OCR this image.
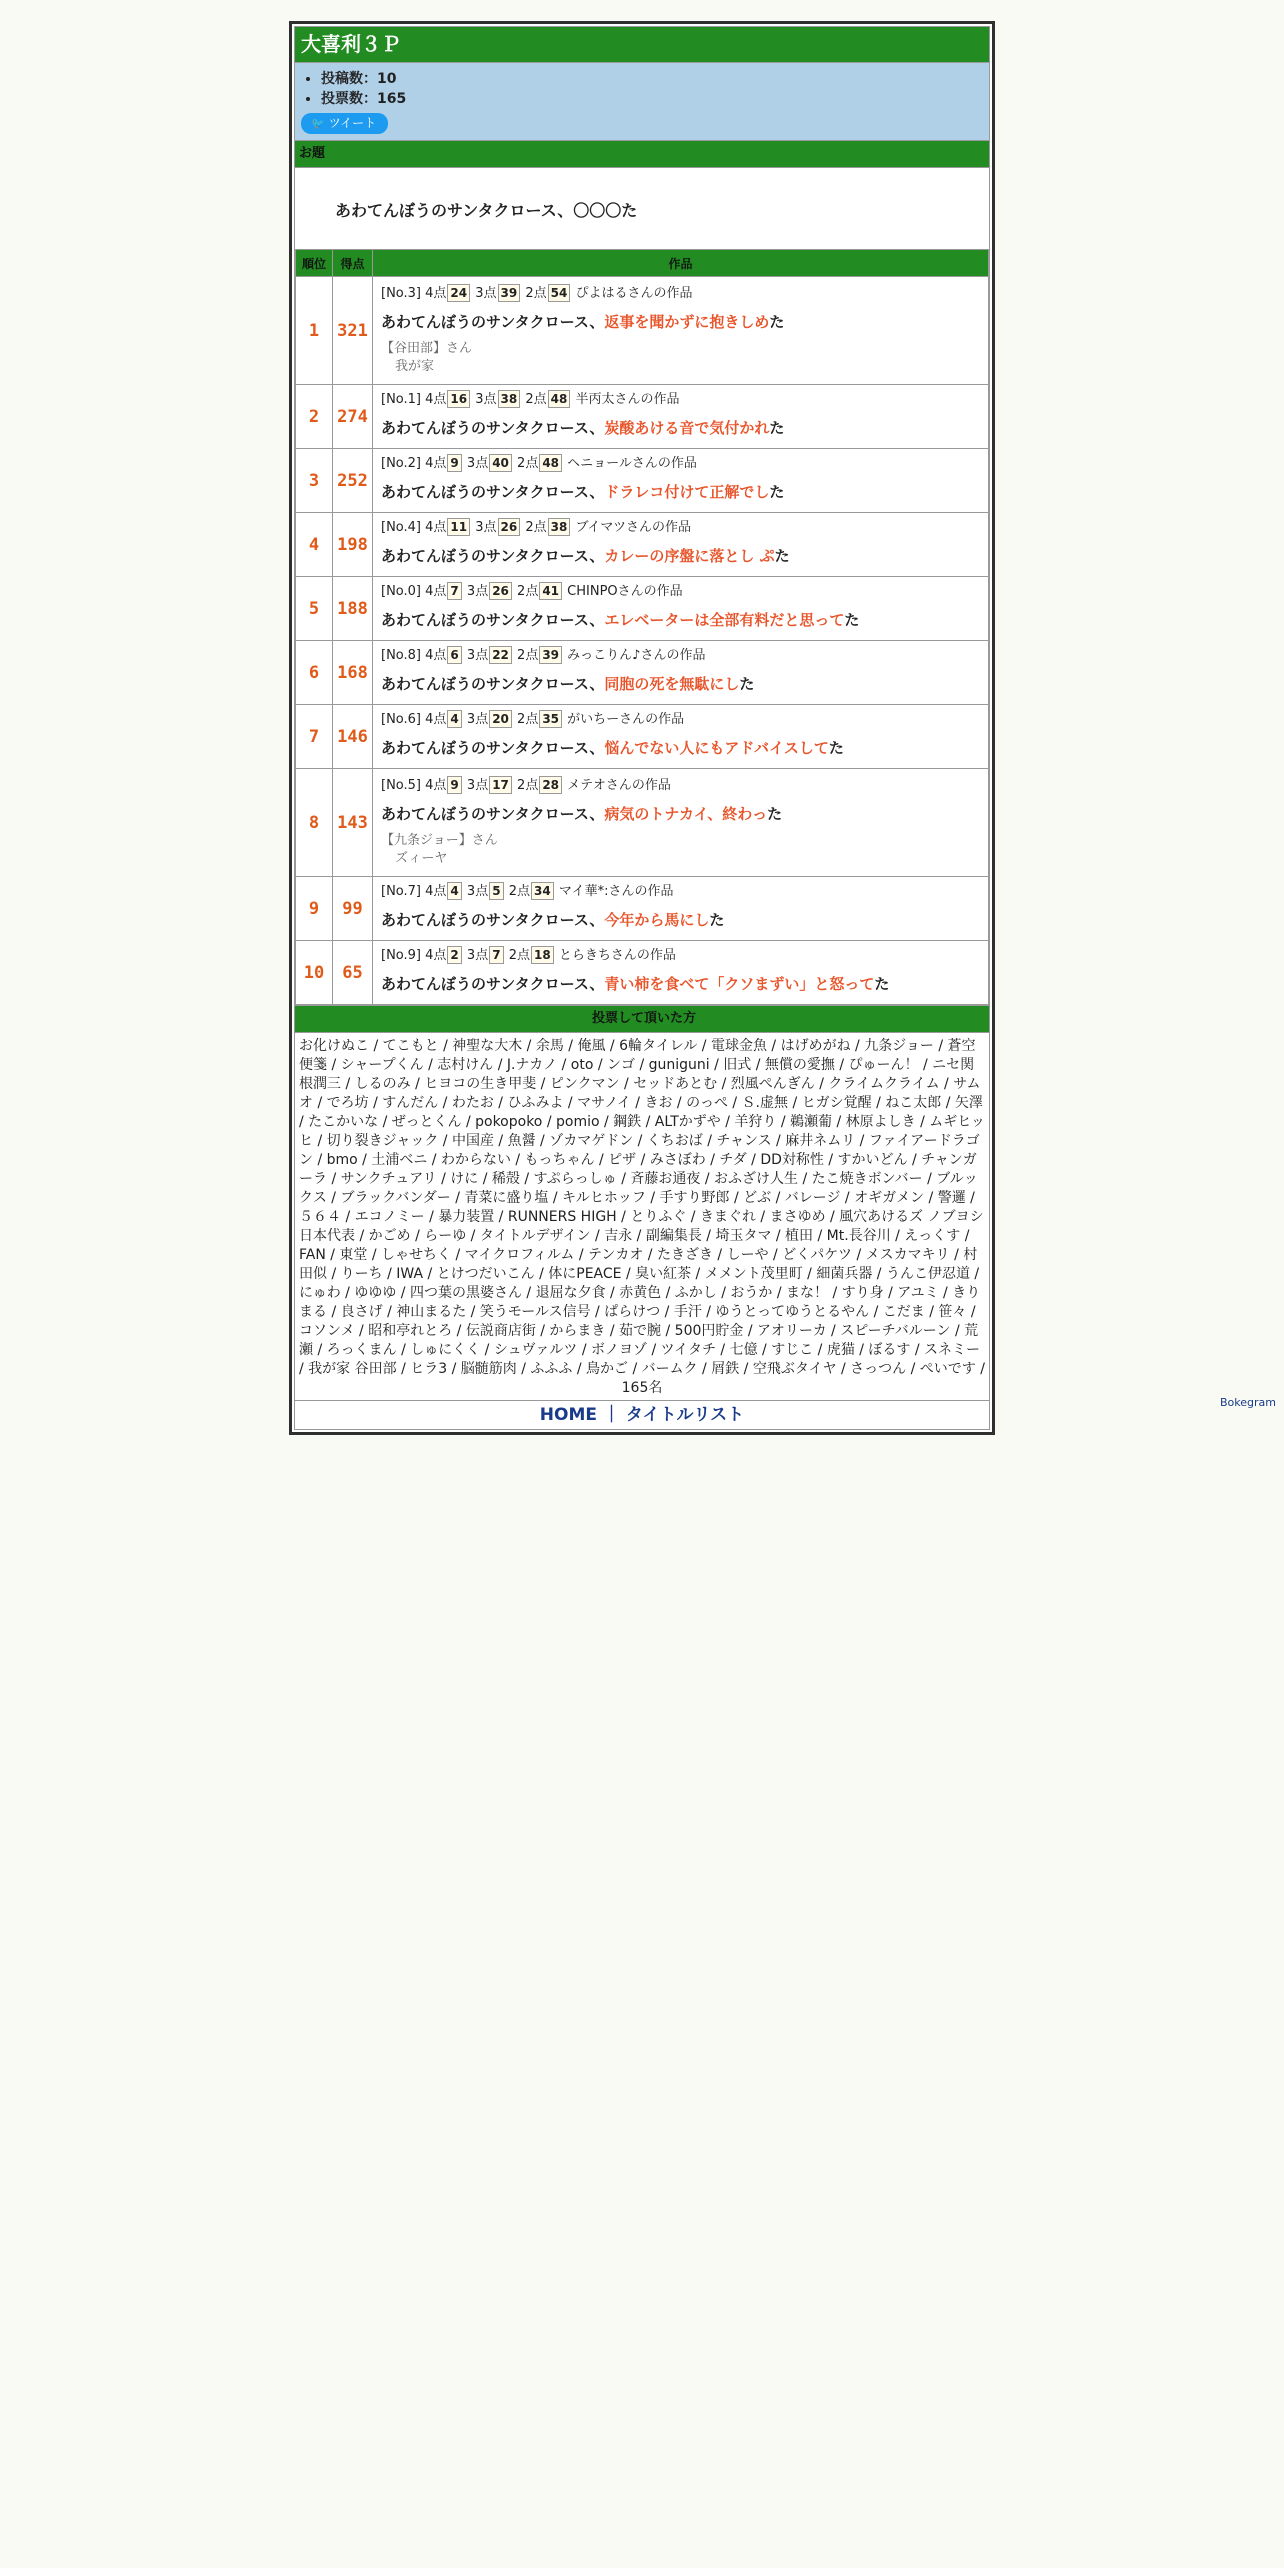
大喜利３Ｐ
• 投稿数：10
• 投票数：165
🐦 ツイート
お題
あわてんぼうのサンタクロース、〇〇〇た
順位	得点	作品
1	321	[No.3] 4点 24 3点 39 2点 54 ぴよはるさんの作品
あわてんぼうのサンタクロース、返事を聞かずに抱きしめた
【谷田部】さん
我が家

2	274	[No.1] 4点 16 3点 38 2点 48 半丙太さんの作品
あわてんぼうのサンタクロース、炭酸あける音で気付かれた

3	252	[No.2] 4点 9 3点 40 2点 48 ヘニョールさんの作品
あわてんぼうのサンタクロース、ドラレコ付けて正解でした

4	198	[No.4] 4点 11 3点 26 2点 38 ブイマツさんの作品
あわてんぼうのサンタクロース、カレーの序盤に落とし ぷた

5	188	[No.0] 4点 7 3点 26 2点 41 CHINPOさんの作品
あわてんぼうのサンタクロース、エレベーターは全部有料だと思ってた

6	168	[No.8] 4点 6 3点 22 2点 39 みっこりん♪さんの作品
あわてんぼうのサンタクロース、同胞の死を無駄にした

7	146	[No.6] 4点 4 3点 20 2点 35 がいちーさんの作品
あわてんぼうのサンタクロース、悩んでない人にもアドバイスしてた

8	143	[No.5] 4点 9 3点 17 2点 28 メテオさんの作品
あわてんぼうのサンタクロース、病気のトナカイ、終わった
【九条ジョー】さん
ズィーヤ

9	99	[No.7] 4点 4 3点 5 2点 34 マイ華*:さんの作品
あわてんぼうのサンタクロース、今年から馬にした

10	65	[No.9] 4点 2 3点 7 2点 18 とらきちさんの作品
あわてんぼうのサンタクロース、青い柿を食べて「クソまずい」と怒ってた
投票して頂いた方
お化けぬこ / てこもと / 神聖な大木 / 余馬 / 俺風 / 6輪タイレル / 電球金魚 / はげめがね / 九条ジョー / 蒼空便箋 / シャープくん / 志村けん / J.ナカノ / oto / ンゴ / guniguni / 旧式 / 無償の愛撫 / ぴゅーん！ / ニセ関根潤三 / しるのみ / ヒヨコの生き甲斐 / ピンクマン / セッドあとむ / 烈風ぺんぎん / クライムクライム / サムオ / でろ坊 / すんだん / わたお / ひふみよ / マサノイ / きお / のっぺ / Ｓ.虚無 / ヒガシ覚醒 / ねこ太郎 / 矢澤 / たこかいな / ぜっとくん / pokopoko / pomio / 鋼鉄 / ALTかずや / 羊狩り / 鵜瀬葡 / 林原よしき / ムギヒッヒ / 切り裂きジャック / 中国産 / 魚醤 / ゾカマゲドン / くちおば / チャンス / 麻井ネムリ / ファイアードラゴン / bmo / 土浦ベニ / わからない / もっちゃん / ピザ / みさぼわ / チダ / DD対称性 / すかいどん / チャンガーラ / サンクチュアリ / けに / 稀殻 / すぷらっしゅ / 斉藤お通夜 / おふざけ人生 / たこ焼きボンバー / ブルックス / ブラックバンダー / 青菜に盛り塩 / キルヒホッフ / 手すり野郎 / どぶ / バレージ / オギガメン / 警邏 / ５６４ / エコノミー / 暴力装置 / RUNNERS HIGH / とりふぐ / きまぐれ / まさゆめ / 風穴あけるズ ノブヨシ日本代表 / かごめ / らーゆ / タイトルデザイン / 吉永 / 副編集長 / 埼玉タマ / 植田 / Mt.長谷川 / えっくす / FAN / 東堂 / しゃせちく / マイクロフィルム / テンカオ / たきざき / しーや / どくパケツ / メスカマキリ / 村田似 / りーち / IWA / とけつだいこん / 体にPEACE / 臭い紅茶 / メメント茂里町 / 細菌兵器 / うんこ伊忍道 / にゅわ / ゆゆゆ / 四つ葉の黒婆さん / 退屈な夕食 / 赤黄色 / ふかし / おうか / まな！ / すり身 / アユミ / きりまる / 良さげ / 神山まるた / 笑うモールス信号 / ぱらけつ / 手汗 / ゆうとってゆうとるやん / こだま / 笹々 / コソンメ / 昭和亭れとろ / 伝説商店街 / からまき / 茹で腕 / 500円貯金 / アオリーカ / スピーチバルーン / 荒瀬 / ろっくまん / しゅにくく / シュヴァルツ / ボノヨゾ / ツイタチ / 七億 / すじこ / 虎猫 / ぼるす / スネミー / 我が家 谷田部 / ヒラ3 / 脳髄筋肉 / ふふふ / 鳥かご / バームク / 屑鉄 / 空飛ぶタイヤ / さっつん / ぺいです /
165名
HOME ｜ タイトルリスト
Bokegram
